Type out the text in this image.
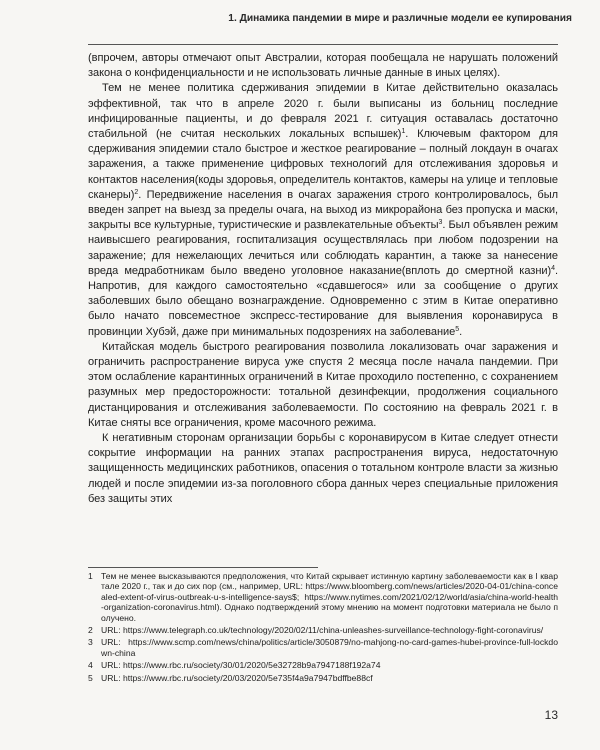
1. Динамика пандемии в мире и различные модели ее купирования

(впрочем, авторы отмечают опыт Австралии, которая пообещала не нарушать положений закона о конфиденциальности и не использовать личные данные в иных целях).

Тем не менее политика сдерживания эпидемии в Китае действительно оказалась эффективной, так что в апреле 2020 г. были выписаны из больниц последние инфицированные пациенты, и до февраля 2021 г. ситуация оставалась достаточно стабильной (не считая нескольких локальных вспышек)$^1$. Ключевым фактором для сдерживания эпидемии стало быстрое и жесткое реагирование – полный локдаун в очагах заражения, а также применение цифровых технологий для отслеживания здоровья и контактов населения(коды здоровья, определитель контактов, камеры на улице и тепловые сканеры)$^2$. Передвижение населения в очагах заражения строго контролировалось, был введен запрет на выезд за пределы очага, на выход из микрорайона без пропуска и маски, закрыты все культурные, туристические и развлекательные объекты$^3$. Был объявлен режим наивысшего реагирования, госпитализация осуществлялась при любом подозрении на заражение; для нежелающих лечиться или соблюдать карантин, а также за нанесение вреда медработникам было введено уголовное наказание(вплоть до смертной казни)$^4$. Напротив, для каждого самостоятельно «сдавшегося» или за сообщение о других заболевших было обещано вознаграждение. Одновременно с этим в Китае оперативно было начато повсеместное экспресс-тестирование для выявления коронавируса в провинции Хубэй, даже при минимальных подозрениях на заболевание$^5$.

Китайская модель быстрого реагирования позволила локализовать очаг заражения и ограничить распространение вируса уже спустя 2 месяца после начала пандемии. При этом ослабление карантинных ограничений в Китае проходило постепенно, с сохранением разумных мер предосторожности: тотальной дезинфекции, продолжения социального дистанцирования и отслеживания заболеваемости. По состоянию на февраль 2021 г. в Китае сняты все ограничения, кроме масочного режима.

К негативным сторонам организации борьбы с коронавирусом в Китае следует отнести сокрытие информации на ранних этапах распространения вируса, недостаточную защищенность медицинских работников, опасения о тотальном контроле власти за жизнью людей и после эпидемии из-за поголовного сбора данных через специальные приложения без защиты этих

1 Тем не менее высказываются предположения, что Китай скрывает истинную картину заболеваемости как в I квартале 2020 г., так и до сих пор (см., например, URL: https://www.bloomberg.com/news/articles/2020-04-01/china-concealed-extent-of-virus-outbreak-u-s-intelligence-says$; https://www.nytimes.com/2021/02/12/world/asia/china-world-health-organization-coronavirus.html). Однако подтверждений этому мнению на момент подготовки материала не было получено.
2 URL: https://www.telegraph.co.uk/technology/2020/02/11/china-unleashes-surveillance-technology-fight-coronavirus/
3 URL: https://www.scmp.com/news/china/politics/article/3050879/no-mahjong-no-card-games-hubei-province-full-lockdown-china
4 URL: https://www.rbc.ru/society/30/01/2020/5e32728b9a7947188f192a74
5 URL: https://www.rbc.ru/society/20/03/2020/5e735f4a9a7947bdffbe88cf
13
